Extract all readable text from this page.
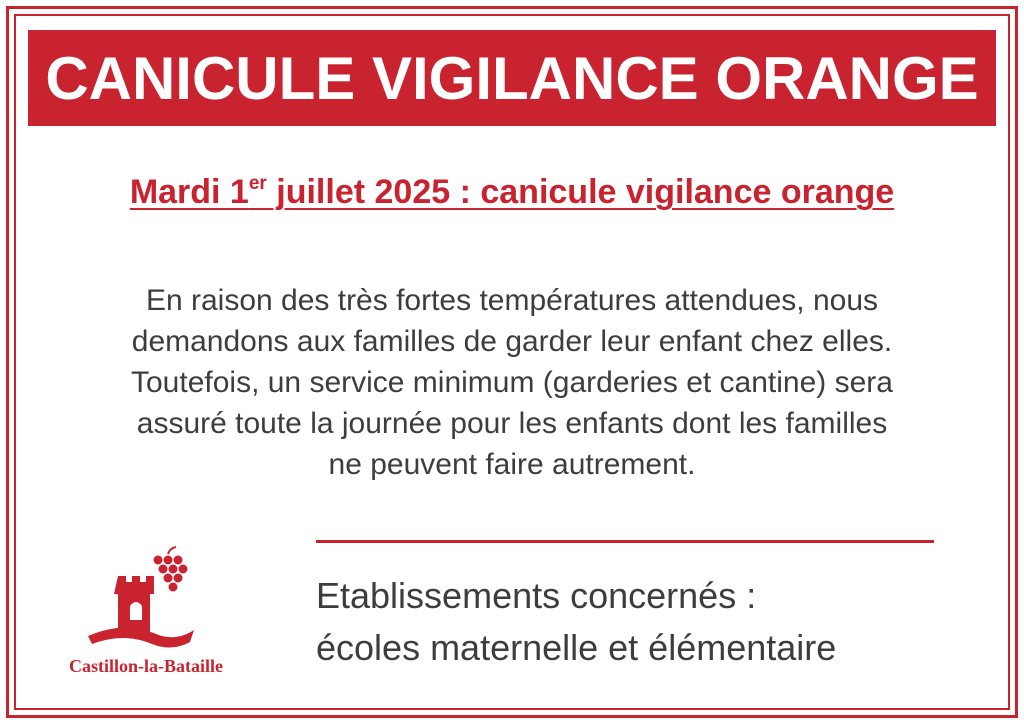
CANICULE VIGILANCE ORANGE
Mardi 1er juillet 2025 : canicule vigilance orange
En raison des très fortes températures attendues, nous
demandons aux familles de garder leur enfant chez elles.
Toutefois, un service minimum (garderies et cantine) sera
assuré toute la journée pour les enfants dont les familles
ne peuvent faire autrement.
Etablissements concernés :
écoles maternelle et élémentaire
Castillon-la-Bataille
